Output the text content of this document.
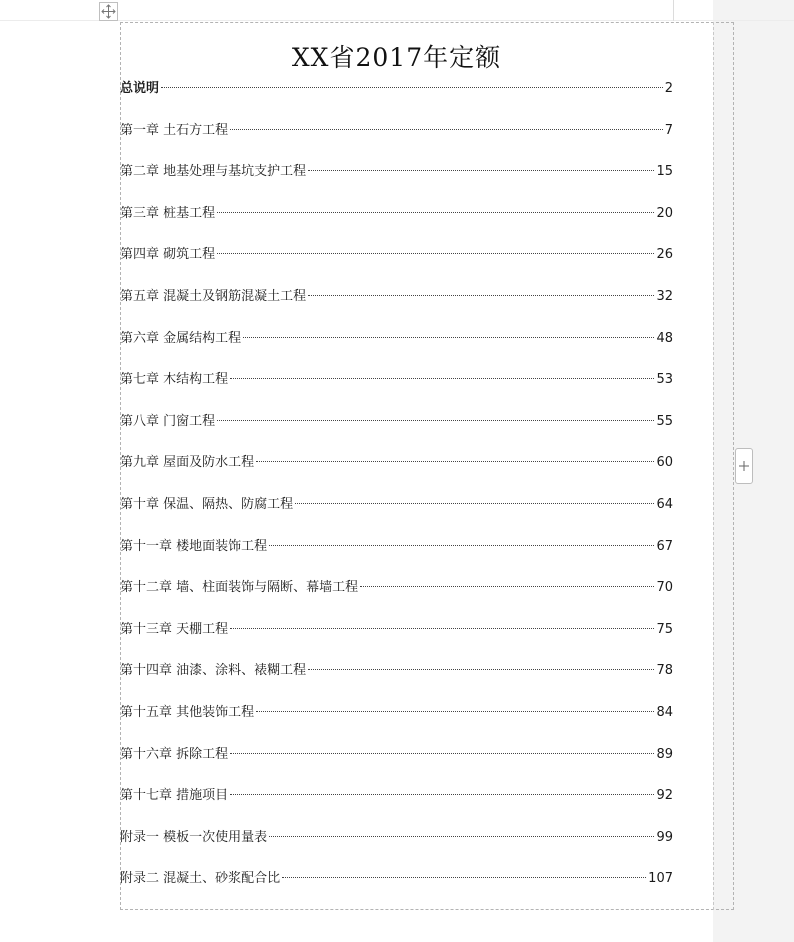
XX省2017年定额
总说明	2
第一章 土石方工程	7
第二章 地基处理与基坑支护工程	15
第三章 桩基工程	20
第四章 砌筑工程	26
第五章 混凝土及钢筋混凝土工程	32
第六章 金属结构工程	48
第七章 木结构工程	53
第八章 门窗工程	55
第九章 屋面及防水工程	60
第十章 保温、隔热、防腐工程	64
第十一章 楼地面装饰工程	67
第十二章 墙、柱面装饰与隔断、幕墙工程	70
第十三章 天棚工程	75
第十四章 油漆、涂料、裱糊工程	78
第十五章 其他装饰工程	84
第十六章 拆除工程	89
第十七章 措施项目	92
附录一 模板一次使用量表	99
附录二 混凝土、砂浆配合比	107
